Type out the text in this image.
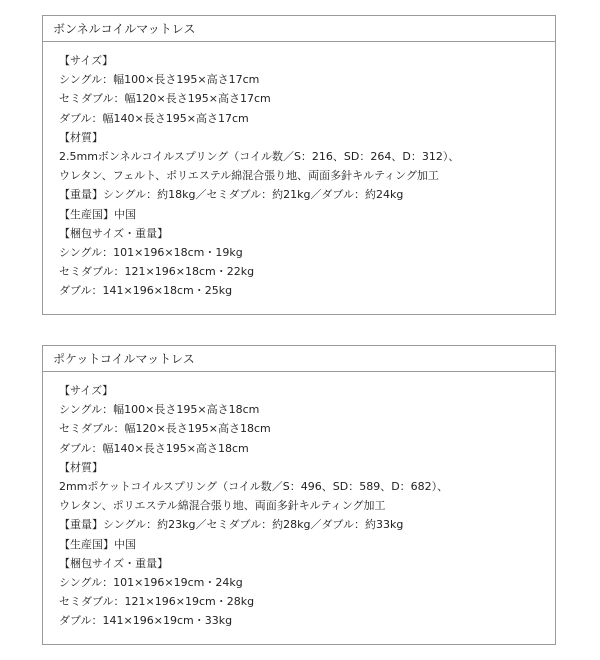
ボンネルコイルマットレス
【サイズ】
シングル：幅100×長さ195×高さ17cm
セミダブル：幅120×長さ195×高さ17cm
ダブル：幅140×長さ195×高さ17cm
【材質】
2.5mmボンネルコイルスプリング（コイル数／S：216、SD：264、D：312）、
ウレタン、フェルト、ポリエステル綿混合張り地、両面多針キルティング加工
【重量】シングル：約18kg／セミダブル：約21kg／ダブル：約24kg
【生産国】中国
【梱包サイズ・重量】
シングル：101×196×18cm・19kg
セミダブル：121×196×18cm・22kg
ダブル：141×196×18cm・25kg
ポケットコイルマットレス
【サイズ】
シングル：幅100×長さ195×高さ18cm
セミダブル：幅120×長さ195×高さ18cm
ダブル：幅140×長さ195×高さ18cm
【材質】
2mmポケットコイルスプリング（コイル数／S：496、SD：589、D：682）、
ウレタン、ポリエステル綿混合張り地、両面多針キルティング加工
【重量】シングル：約23kg／セミダブル：約28kg／ダブル：約33kg
【生産国】中国
【梱包サイズ・重量】
シングル：101×196×19cm・24kg
セミダブル：121×196×19cm・28kg
ダブル：141×196×19cm・33kg
